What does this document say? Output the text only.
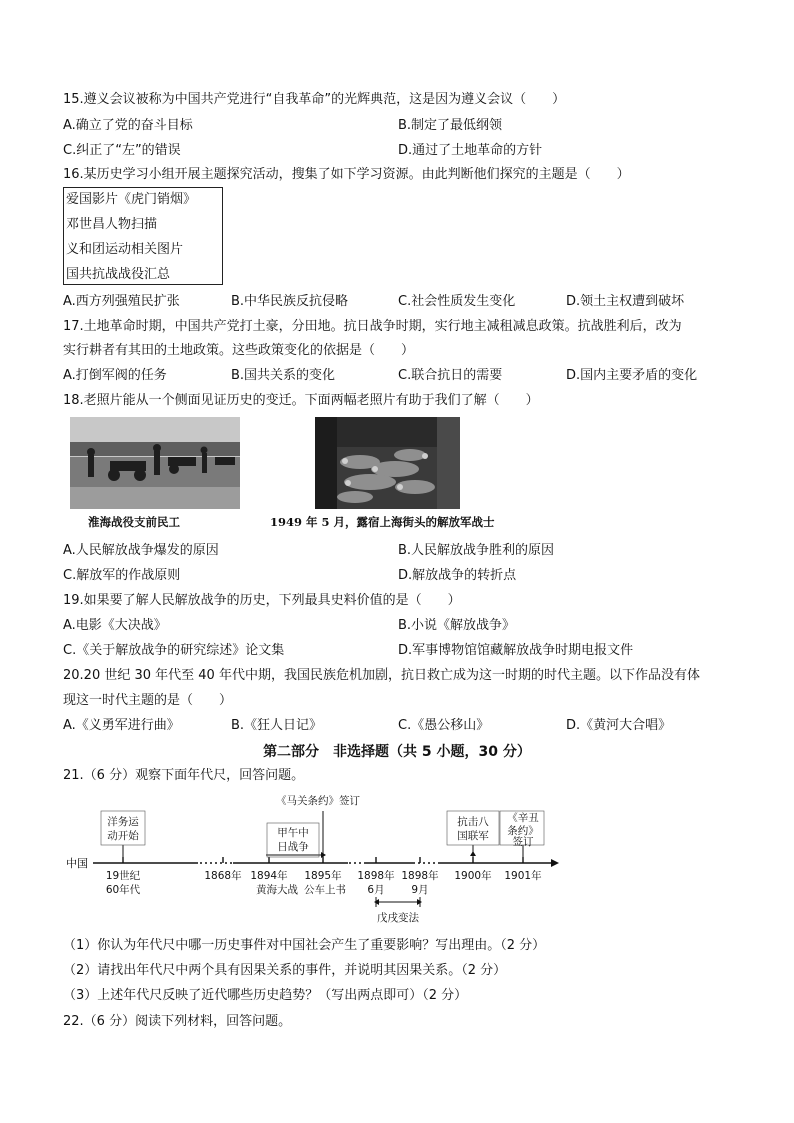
15.遵义会议被称为中国共产党进行“自我革命”的光辉典范，这是因为遵义会议（　　）
A.确立了党的奋斗目标	B.制定了最低纲领
C.纠正了“左”的错误	D.通过了土地革命的方针
16.某历史学习小组开展主题探究活动，搜集了如下学习资源。由此判断他们探究的主题是（　　）
爱国影片《虎门销烟》
邓世昌人物扫描
义和团运动相关图片
国共抗战战役汇总
A.西方列强殖民扩张	B.中华民族反抗侵略	C.社会性质发生变化	D.领土主权遭到破坏
17.土地革命时期，中国共产党打土豪，分田地。抗日战争时期，实行地主减租减息政策。抗战胜利后，改为
实行耕者有其田的土地政策。这些政策变化的依据是（　　）
A.打倒军阀的任务	B.国共关系的变化	C.联合抗日的需要	D.国内主要矛盾的变化
18.老照片能从一个侧面见证历史的变迁。下面两幅老照片有助于我们了解（　　）
淮海战役支前民工	1949 年 5 月，露宿上海街头的解放军战士
A.人民解放战争爆发的原因	B.人民解放战争胜利的原因
C.解放军的作战原则	D.解放战争的转折点
19.如果要了解人民解放战争的历史，下列最具史料价值的是（　　）
A.电影《大决战》	B.小说《解放战争》
C.《关于解放战争的研究综述》论文集	D.军事博物馆馆藏解放战争时期电报文件
20.20 世纪 30 年代至 40 年代中期，我国民族危机加剧，抗日救亡成为这一时期的时代主题。以下作品没有体
现这一时代主题的是（　　）
A.《义勇军进行曲》	B.《狂人日记》	C.《愚公移山》	D.《黄河大合唱》
第二部分　非选择题（共 5 小题，30 分）
21.（6 分）观察下面年代尺，回答问题。
中国
洋务运
动开始
《马关条约》签订
甲午中
日战争
抗击八
国联军
《辛丑
条约》
签订
19世纪
60年代
1868年 1894年 1895年 1898年
6月
1898年
9月
1900年 1901年
黄海大战 公车上书
戊戌变法
（1）你认为年代尺中哪一历史事件对中国社会产生了重要影响？写出理由。（2 分）
（2）请找出年代尺中两个具有因果关系的事件，并说明其因果关系。（2 分）
（3）上述年代尺反映了近代哪些历史趋势？（写出两点即可）（2 分）
22.（6 分）阅读下列材料，回答问题。
